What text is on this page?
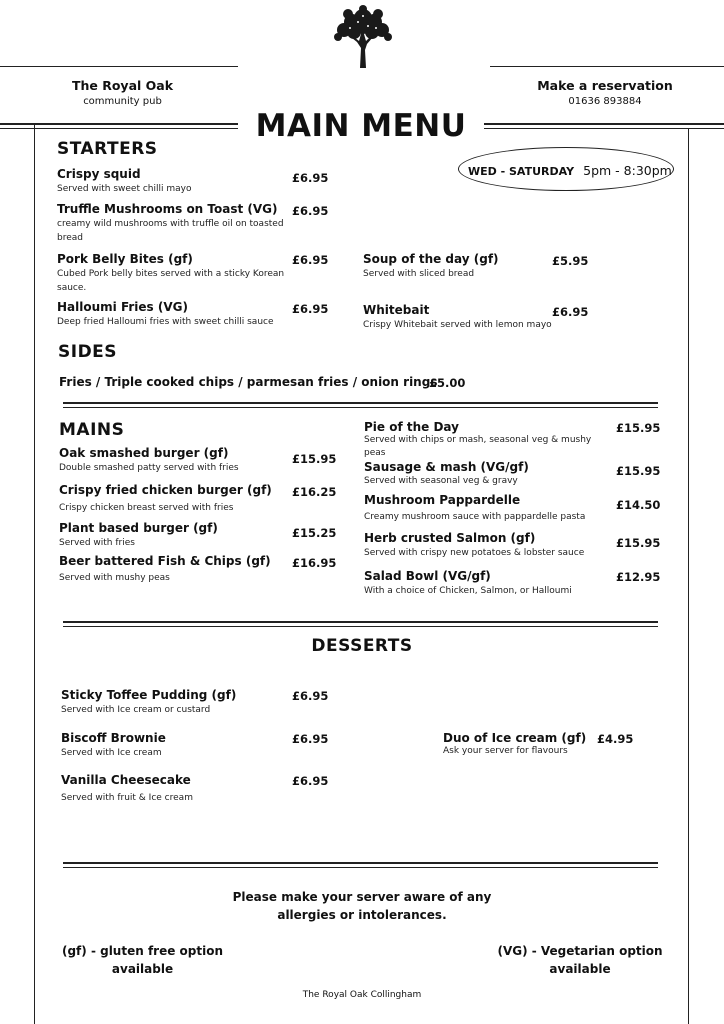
The Royal Oak
community pub
Make a reservation
01636 893884
MAIN MENU
WED - SATURDAY 5pm - 8:30pm
STARTERS
Crispy squid
Served with sweet chilli mayo
£6.95
Truffle Mushrooms on Toast (VG)
creamy wild mushrooms with truffle oil on toasted bread
£6.95
Pork Belly Bites (gf)
Cubed Pork belly bites served with a sticky Korean sauce.
£6.95
Halloumi Fries (VG)
Deep fried Halloumi fries with sweet chilli sauce
£6.95
Soup of the day (gf)
Served with sliced bread
£5.95
Whitebait
Crispy Whitebait served with lemon mayo
£6.95
SIDES
Fries / Triple cooked chips / parmesan fries / onion rings
£5.00
MAINS
Oak smashed burger (gf)
Double smashed patty served with fries
£15.95
Crispy fried chicken burger (gf)
Crispy chicken breast served with fries
£16.25
Plant based burger (gf)
Served with fries
£15.25
Beer battered Fish & Chips (gf)
Served with mushy peas
£16.95
Pie of the Day
Served with chips or mash, seasonal veg & mushy peas
£15.95
Sausage & mash (VG/gf)
Served with seasonal veg & gravy
£15.95
Mushroom Pappardelle
Creamy mushroom sauce with pappardelle pasta
£14.50
Herb crusted Salmon (gf)
Served with crispy new potatoes & lobster sauce
£15.95
Salad Bowl (VG/gf)
With a choice of Chicken, Salmon, or Halloumi
£12.95
DESSERTS
Sticky Toffee Pudding (gf)
Served with Ice cream or custard
£6.95
Biscoff Brownie
Served with Ice cream
£6.95
Vanilla Cheesecake
Served with fruit & Ice cream
£6.95
Duo of Ice cream (gf)
Ask your server for flavours
£4.95
Please make your server aware of any
allergies or intolerances.
(gf) - gluten free option
available
(VG) - Vegetarian option
available
The Royal Oak Collingham
